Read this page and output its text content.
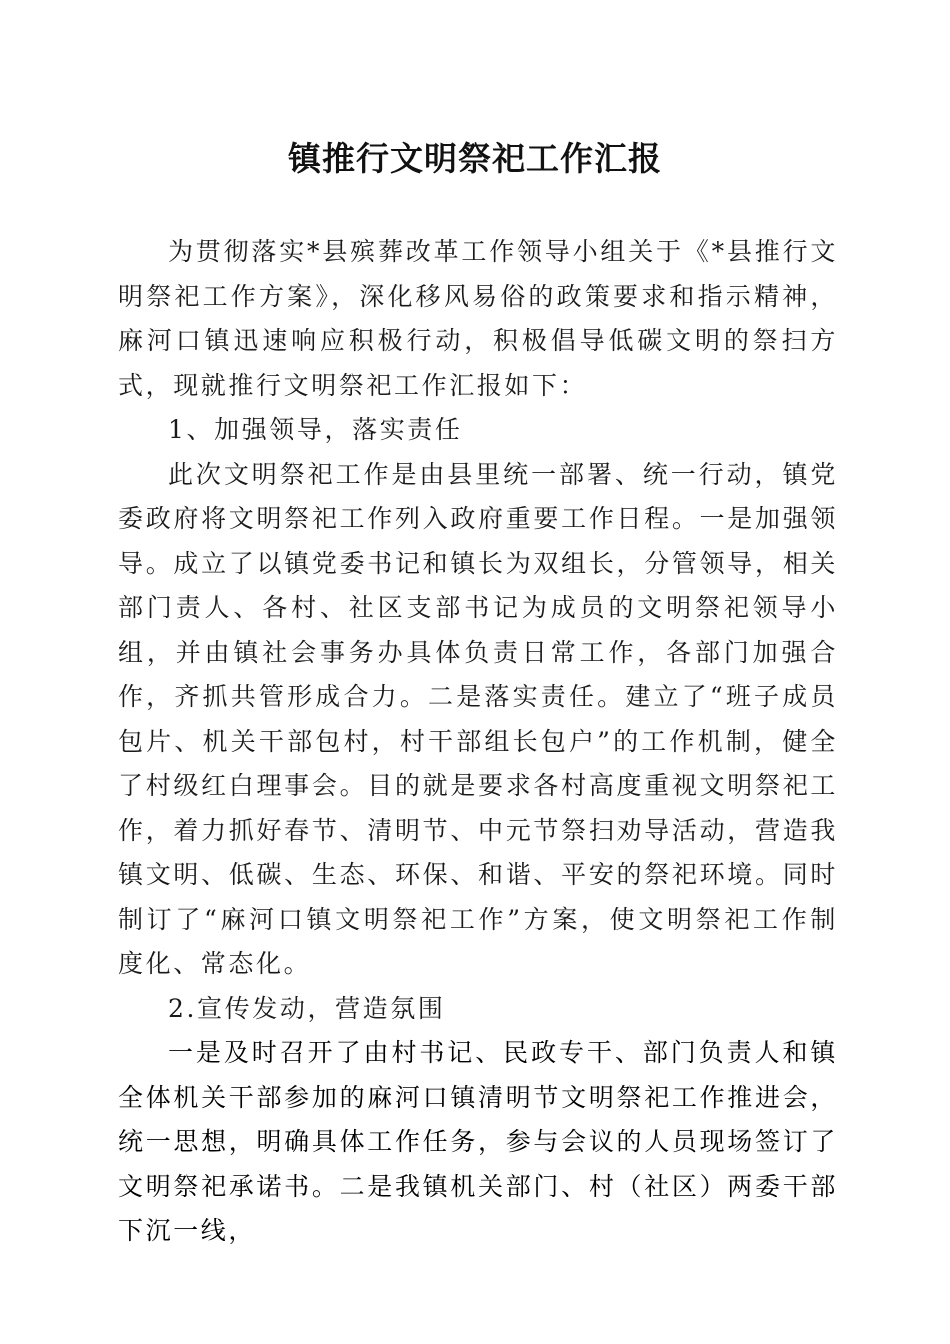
镇推行文明祭祀工作汇报

为贯彻落实*县殡葬改革工作领导小组关于《*县推行文明祭祀工作方案》，深化移风易俗的政策要求和指示精神，麻河口镇迅速响应积极行动，积极倡导低碳文明的祭扫方式，现就推行文明祭祀工作汇报如下：

1、加强领导，落实责任

此次文明祭祀工作是由县里统一部署、统一行动，镇党委政府将文明祭祀工作列入政府重要工作日程。一是加强领导。成立了以镇党委书记和镇长为双组长，分管领导，相关部门责人、各村、社区支部书记为成员的文明祭祀领导小组，并由镇社会事务办具体负责日常工作，各部门加强合作，齐抓共管形成合力。二是落实责任。建立了“班子成员包片、机关干部包村，村干部组长包户”的工作机制，健全了村级红白理事会。目的就是要求各村高度重视文明祭祀工作，着力抓好春节、清明节、中元节祭扫劝导活动，营造我镇文明、低碳、生态、环保、和谐、平安的祭祀环境。同时制订了“麻河口镇文明祭祀工作”方案，使文明祭祀工作制度化、常态化。

2.宣传发动，营造氛围

一是及时召开了由村书记、民政专干、部门负责人和镇全体机关干部参加的麻河口镇清明节文明祭祀工作推进会，统一思想，明确具体工作任务，参与会议的人员现场签订了文明祭祀承诺书。二是我镇机关部门、村（社区）两委干部下沉一线，
